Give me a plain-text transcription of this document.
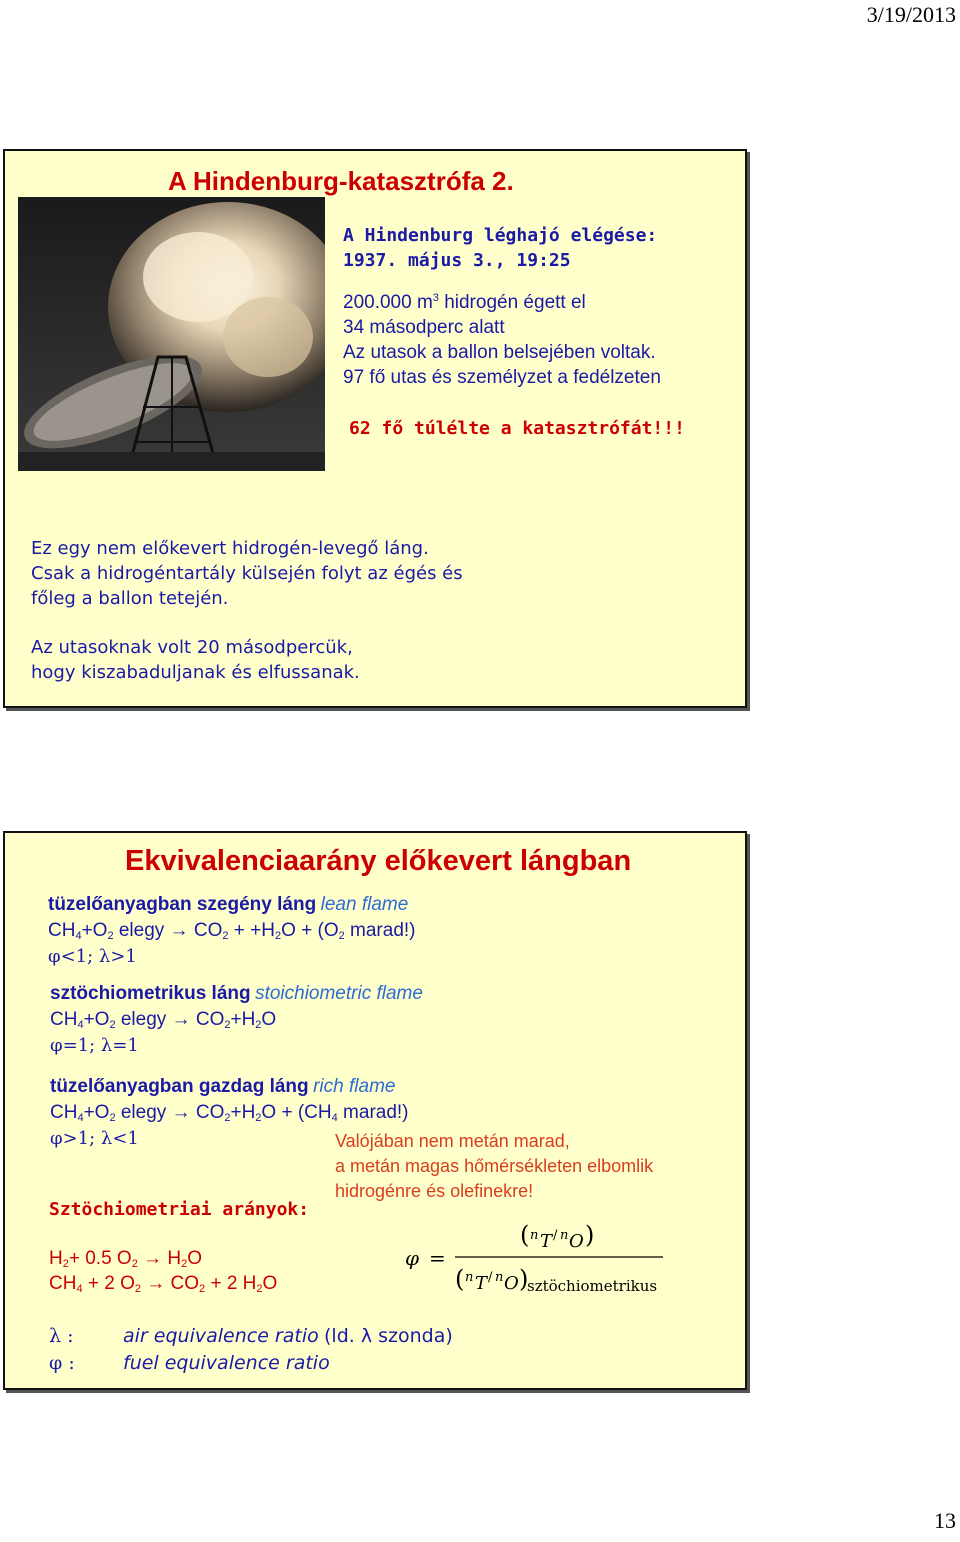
3/19/2013
A Hindenburg-katasztrófa 2.
A Hindenburg léghajó elégése:
1937. május 3., 19:25
200.000 $m^3$ hidrogén égett el
34 másodperc alatt
Az utasok a ballon belsejében voltak.
97 fő utas és személyzet a fedélzeten
62 fő túlélte a katasztrófát!!!
Ez egy nem előkevert hidrogén-levegő láng.
Csak a hidrogéntartály külsején folyt az égés és
főleg a ballon tetején.
Az utasoknak volt 20 másodpercük,
hogy kiszabaduljanak és elfussanak.
Ekvivalenciaarány előkevert lángban
tüzelőanyagban szegény láng lean flame
$CH_4+O_2$ elegy → $CO_2 + +H_2O + (O_2$ marad!)
φ<1; λ>1
sztöchiometrikus láng stoichiometric flame
$CH_4+O_2$ elegy → $CO_2+H_2O$
φ=1; λ=1
tüzelőanyagban gazdag láng rich flame
$CH_4+O_2$ elegy → $CO_2+H_2O + (CH_4$ marad!)
φ>1; λ<1	Valójában nem metán marad,
a metán magas hőmérsékleten elbomlik
hidrogénre és olefinekre!
Sztöchiometriai arányok:
$H_2+ 0.5$ $O_2 \to H_2O$
$CH_4 + 2$ $O_2 \to CO_2 + 2$ $H_2O$
φ =
( n T / n O )
( n T / n O )
sztöchiometrikus
λ :	air equivalence ratio (ld. λ szonda)
φ :	fuel equivalence ratio
13
